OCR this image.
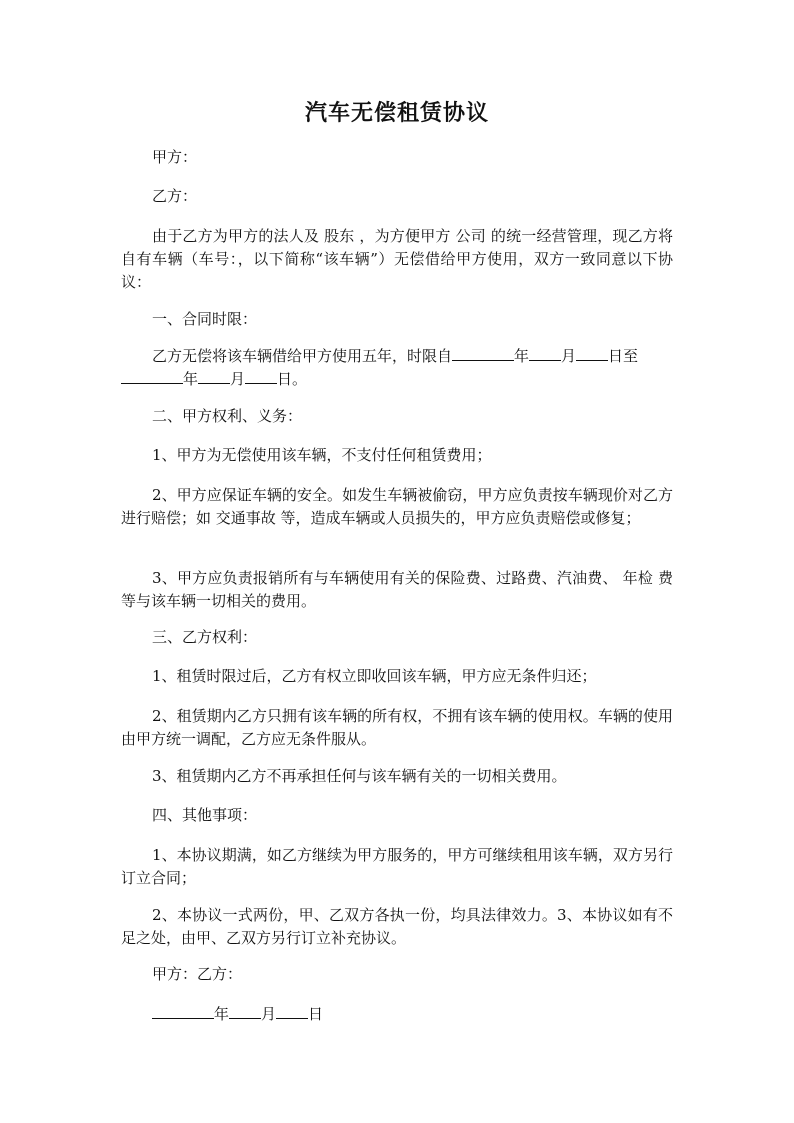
汽车无偿租赁协议

甲方：

乙方：

由于乙方为甲方的法人及 股东 ，为方便甲方 公司 的统一经营管理，现乙方将自有车辆（车号：，以下简称“该车辆”）无偿借给甲方使用，双方一致同意以下协议：

一、合同时限：

乙方无偿将该车辆借给甲方使用五年，时限自	年 月 日至年 月 日。

二、甲方权利、义务：

1、甲方为无偿使用该车辆，不支付任何租赁费用；

2、甲方应保证车辆的安全。如发生车辆被偷窃，甲方应负责按车辆现价对乙方进行赔偿；如 交通事故 等，造成车辆或人员损失的，甲方应负责赔偿或修复；

3、甲方应负责报销所有与车辆使用有关的保险费、过路费、汽油费、 年检 费等与该车辆一切相关的费用。

三、乙方权利：

1、租赁时限过后，乙方有权立即收回该车辆，甲方应无条件归还；

2、租赁期内乙方只拥有该车辆的所有权，不拥有该车辆的使用权。车辆的使用由甲方统一调配，乙方应无条件服从。

3、租赁期内乙方不再承担任何与该车辆有关的一切相关费用。

四、其他事项：

1、本协议期满，如乙方继续为甲方服务的，甲方可继续租用该车辆，双方另行订立合同；

2、本协议一式两份，甲、乙双方各执一份，均具法律效力。3、本协议如有不足之处，由甲、乙双方另行订立补充协议。

甲方：乙方：

年 月 日
